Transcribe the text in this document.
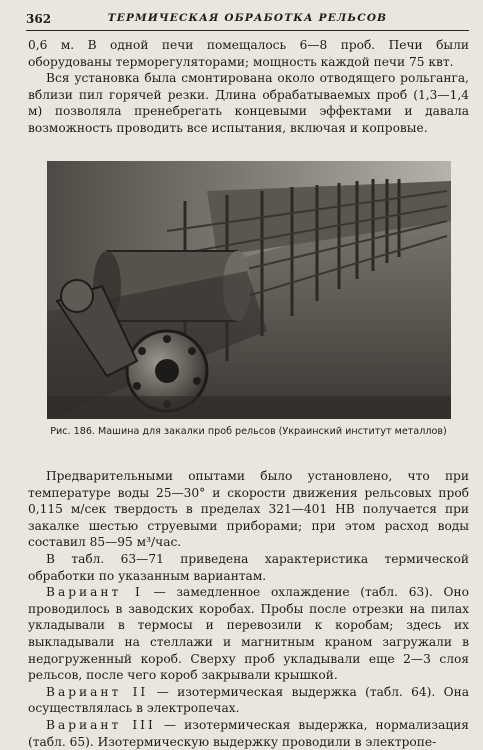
362	ТЕРМИЧЕСКАЯ ОБРАБОТКА РЕЛЬСОВ

0,6 м. В одной печи помещалось 6—8 проб. Печи были оборудованы терморегуляторами; мощность каждой печи 75 квт.

Вся установка была смонтирована около отводящего рольганга, вблизи пил горячей резки. Длина обрабатываемых проб (1,3—1,4 м) позволяла пренебрегать концевыми эффектами и давала возможность проводить все испытания, включая и копровые.

Рис. 186. Машина для закалки проб рельсов (Украинский институт металлов)

Предварительными опытами было установлено, что при температуре воды 25—30° и скорости движения рельсовых проб 0,115 м/сек твердость в пределах 321—401 HB получается при закалке шестью струевыми приборами; при этом расход воды составил 85—95 м³/час.

В табл. 63—71 приведена характеристика термической обработки по указанным вариантам.

Вариант I — замедленное охлаждение (табл. 63). Оно проводилось в заводских коробах. Пробы после отрезки на пилах укладывали в термосы и перевозили к коробам; здесь их выкладывали на стеллажи и магнитным краном загружали в недогруженный короб. Сверху проб укладывали еще 2—3 слоя рельсов, после чего короб закрывали крышкой.

Вариант II — изотермическая выдержка (табл. 64). Она осуществлялась в электропечах.

Вариант III — изотермическая выдержка, нормализация (табл. 65). Изотермическую выдержку проводили в электропе-
